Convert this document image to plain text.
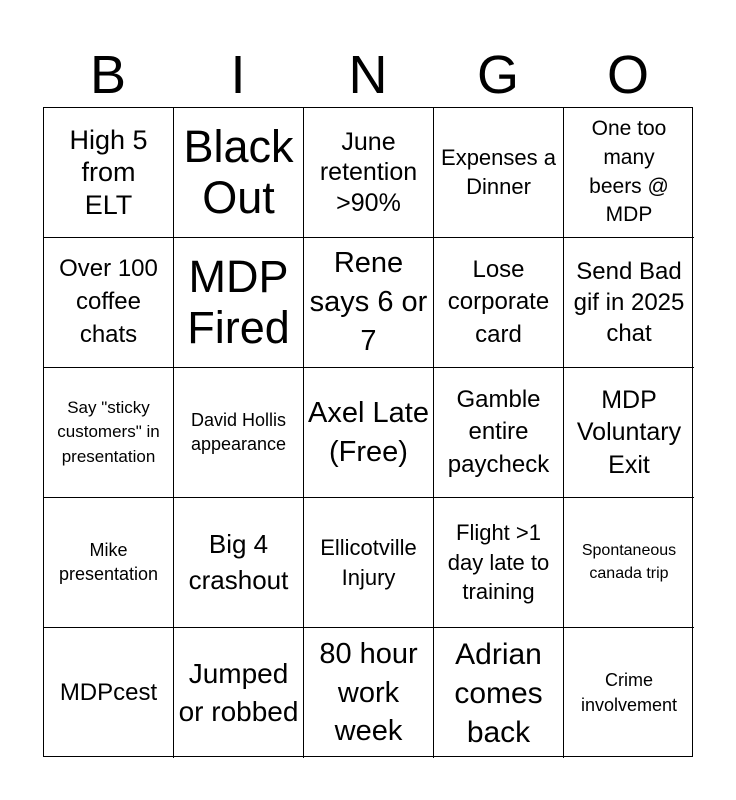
B	I	N	G	O
High 5 from ELT
Black Out
June retention >90%
Expenses a Dinner
One too many beers @ MDP
Over 100 coffee chats
MDP Fired
Rene says 6 or 7
Lose corporate card
Send Bad gif in 2025 chat
Say "sticky customers" in presentation
David Hollis appearance
Axel Late (Free)
Gamble entire paycheck
MDP Voluntary Exit
Mike presentation
Big 4 crashout
Ellicotville Injury
Flight >1 day late to training
Spontaneous canada trip
MDPcest
Jumped or robbed
80 hour work week
Adrian comes back
Crime involvement
